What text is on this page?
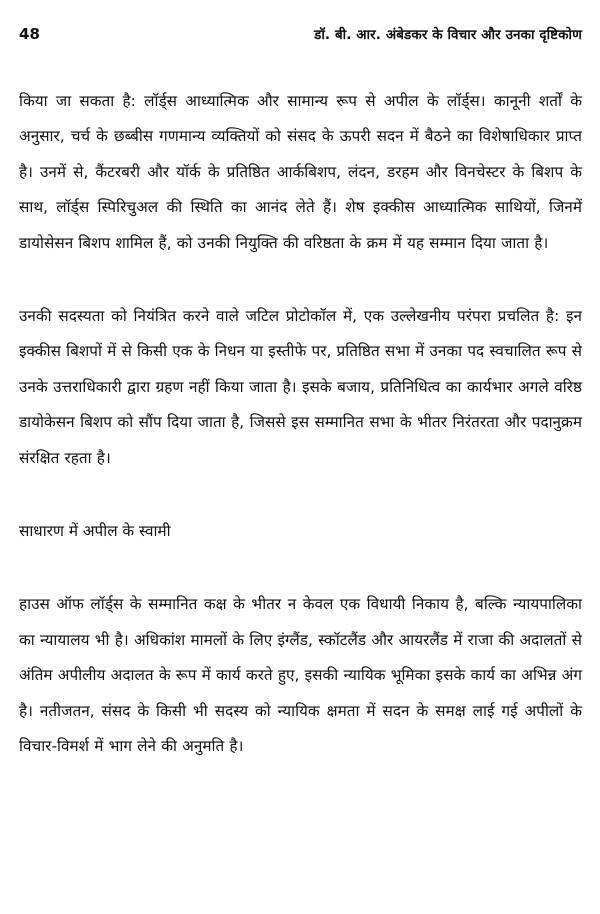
48	डॉ. बी. आर. अंबेडकर के विचार और उनका दृष्टिकोण

किया जा सकता है: लॉर्ड्स आध्यात्मिक और सामान्य रूप से अपील के लॉर्ड्स। कानूनी शर्तों के अनुसार, चर्च के छब्बीस गणमान्य व्यक्तियों को संसद के ऊपरी सदन में बैठने का विशेषाधिकार प्राप्त है। उनमें से, कैंटरबरी और यॉर्क के प्रतिष्ठित आर्कबिशप, लंदन, डरहम और विनचेस्टर के बिशप के साथ, लॉर्ड्स स्पिरिचुअल की स्थिति का आनंद लेते हैं। शेष इक्कीस आध्यात्मिक साथियों, जिनमें डायोसेसन बिशप शामिल हैं, को उनकी नियुक्ति की वरिष्ठता के क्रम में यह सम्मान दिया जाता है।

उनकी सदस्यता को नियंत्रित करने वाले जटिल प्रोटोकॉल में, एक उल्लेखनीय परंपरा प्रचलित है: इन इक्कीस बिशपों में से किसी एक के निधन या इस्तीफे पर, प्रतिष्ठित सभा में उनका पद स्वचालित रूप से उनके उत्तराधिकारी द्वारा ग्रहण नहीं किया जाता है। इसके बजाय, प्रतिनिधित्व का कार्यभार अगले वरिष्ठ डायोकेसन बिशप को सौंप दिया जाता है, जिससे इस सम्मानित सभा के भीतर निरंतरता और पदानुक्रम संरक्षित रहता है।

साधारण में अपील के स्वामी

हाउस ऑफ लॉर्ड्स के सम्मानित कक्ष के भीतर न केवल एक विधायी निकाय है, बल्कि न्यायपालिका का न्यायालय भी है। अधिकांश मामलों के लिए इंग्लैंड, स्कॉटलैंड और आयरलैंड में राजा की अदालतों से अंतिम अपीलीय अदालत के रूप में कार्य करते हुए, इसकी न्यायिक भूमिका इसके कार्य का अभिन्न अंग है। नतीजतन, संसद के किसी भी सदस्य को न्यायिक क्षमता में सदन के समक्ष लाई गई अपीलों के विचार-विमर्श में भाग लेने की अनुमति है।
